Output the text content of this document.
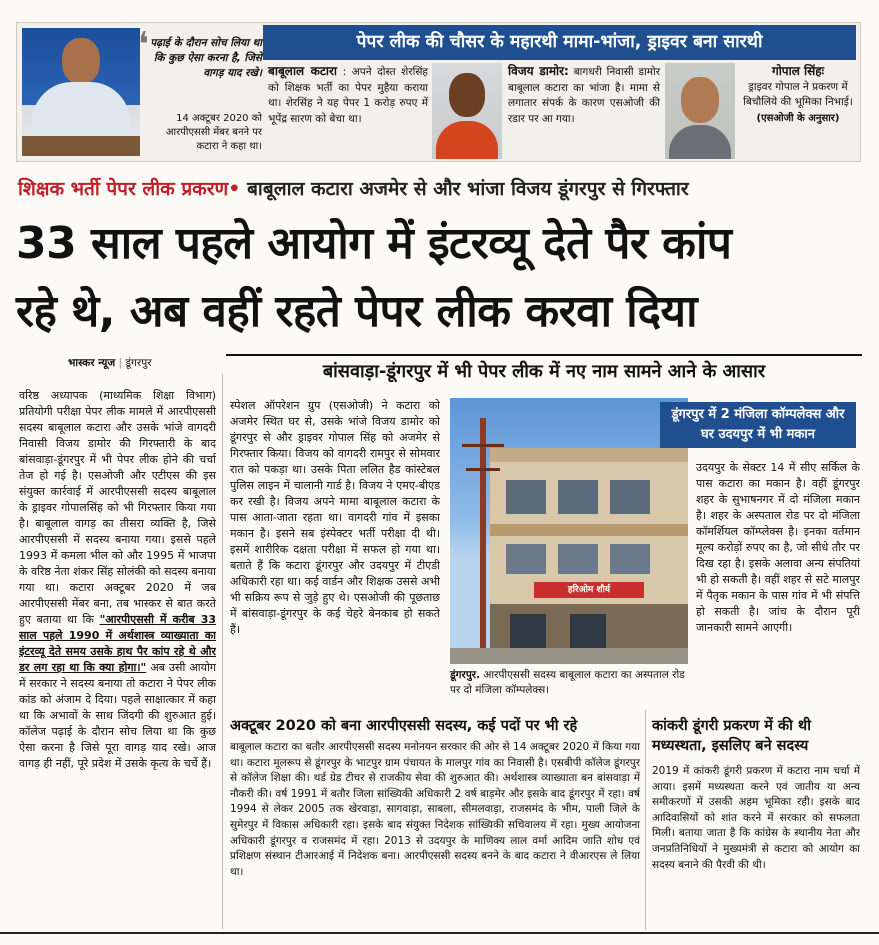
❛ पढ़ाई के दौरान सोच लिया था कि कुछ ऐसा करना है, जिसे वागड़ याद रखे।
14 अक्टूबर 2020 को आरपीएससी मेंबर बनने पर कटारा ने कहा था।
पेपर लीक की चौसर के महारथी मामा-भांजा, ड्राइवर बना सारथी
बाबूलाल कटारा : अपने दोस्त शेरसिंह को शिक्षक भर्ती का पेपर मुहैया कराया था। शेरसिंह ने यह पेपर 1 करोड़ रुपए में भूपेंद्र सारण को बेचा था।
विजय डामोर: बागधरी निवासी डामोर बाबूलाल कटारा का भांजा है। मामा से लगातार संपर्क के कारण एसओजी की रडार पर आ गया।
गोपाल सिंहः
ड्राइवर गोपाल ने प्रकरण में बिचौलिये की भूमिका निभाई।
(एसओजी के अनुसार)
शिक्षक भर्ती पेपर लीक प्रकरण• बाबूलाल कटारा अजमेर से और भांजा विजय डूंगरपुर से गिरफ्तार
33 साल पहले आयोग में इंटरव्यू देते पैर कांप
रहे थे, अब वहीं रहते पेपर लीक करवा दिया
भास्कर न्यूज | डूंगरपुर	बांसवाड़ा-डूंगरपुर में भी पेपर लीक में नए नाम सामने आने के आसार
वरिष्ठ अध्यापक (माध्यमिक शिक्षा विभाग) प्रतियोगी परीक्षा पेपर लीक मामले में आरपीएससी सदस्य बाबूलाल कटारा और उसके भांजे वागदरी निवासी विजय डामोर की गिरफ्तारी के बाद बांसवाड़ा-डूंगरपुर में भी पेपर लीक होने की चर्चा तेज हो गई है। एसओजी और एटीएस की इस संयुक्त कार्रवाई में आरपीएससी सदस्य बाबूलाल के ड्राइवर गोपालसिंह को भी गिरफ्तार किया गया है। बाबूलाल वागड़ का तीसरा व्यक्ति है, जिसे आरपीएससी में सदस्य बनाया गया। इससे पहले 1993 में कमला भील को और 1995 में भाजपा के वरिष्ठ नेता शंकर सिंह सोलंकी को सदस्य बनाया गया था। कटारा अक्टूबर 2020 में जब आरपीएससी मेंबर बना, तब भास्कर से बात करते हुए बताया था कि "आरपीएससी में करीब 33 साल पहले 1990 में अर्थशास्त्र व्याख्याता का इंटरव्यू देते समय उसके हाथ पैर कांप रहे थे और डर लग रहा था कि क्या होगा।" अब उसी आयोग में सरकार ने सदस्य बनाया तो कटारा ने पेपर लीक कांड को अंजाम दे दिया। पहले साक्षात्कार में कहा था कि अभावों के साथ जिंदगी की शुरुआत हुई। कॉलेज पढ़ाई के दौरान सोच लिया था कि कुछ ऐसा करना है जिसे पूरा वागड़ याद रखे। आज वागड़ ही नहीं, पूरे प्रदेश में उसके कृत्य के चर्चे हैं।
स्पेशल ऑपरेशन ग्रुप (एसओजी) ने कटारा को अजमेर स्थित घर से, उसके भांजे विजय डामोर को डूंगरपुर से और ड्राइवर गोपाल सिंह को अजमेर से गिरफ्तार किया। विजय को वागदरी रामपुर से सोमवार रात को पकड़ा था। उसके पिता ललित हैड कांस्टेबल पुलिस लाइन में चालानी गार्ड है। विजय ने एमए-बीएड कर रखी है। विजय अपने मामा बाबूलाल कटारा के पास आता-जाता रहता था। वागदरी गांव में इसका मकान है। इसने सब इंस्पेक्टर भर्ती परीक्षा दी थी। इसमें शारीरिक दक्षता परीक्षा में सफल हो गया था। बताते हैं कि कटारा डूंगरपुर और उदयपुर में टीएडी अधिकारी रहा था। कई वार्डन और शिक्षक उससे अभी भी सक्रिय रूप से जुड़े हुए थे। एसओजी की पूछताछ में बांसवाड़ा-डूंगरपुर के कई चेहरे बेनकाब हो सकते हैं।
हरिओम शौर्य
डूंगरपुर में 2 मंजिला कॉम्पलेक्स और घर उदयपुर में भी मकान
डूंगरपुर. आरपीएससी सदस्य बाबूलाल कटारा का अस्पताल रोड पर दो मंजिला कॉम्पलेक्स।
उदयपुर के सेक्टर 14 में सीए सर्किल के पास कटारा का मकान है। वहीं डूंगरपुर शहर के सुभाषनगर में दो मंजिला मकान है। शहर के अस्पताल रोड पर दो मंजिला कॉमर्शियल कॉम्प्लेक्स है। इनका वर्तमान मूल्य करोड़ों रुपए का है, जो सीधे तौर पर दिख रहा है। इसके अलावा अन्य संपतियां भी हो सकती है। वहीं शहर से सटे मालपुर में पैतृक मकान के पास गांव में भी संपत्ति हो सकती है। जांच के दौरान पूरी जानकारी सामने आएगी।
अक्टूबर 2020 को बना आरपीएससी सदस्य, कई पदों पर भी रहे
बाबूलाल कटारा का बतौर आरपीएससी सदस्य मनोनयन सरकार की ओर से 14 अक्टूबर 2020 में किया गया था। कटारा मूलरूप से डूंगरपुर के भाटपुर ग्राम पंचायत के मालपुर गांव का निवासी है। एसबीपी कॉलेज डूंगरपुर से कॉलेज शिक्षा की। थर्ड ग्रेड टीचर से राजकीय सेवा की शुरुआत की। अर्थशास्त्र व्याख्याता बन बांसवाड़ा में नौकरी की। वर्ष 1991 में बतौर जिला सांख्यिकी अधिकारी 2 वर्ष बाड़मेर और इसके बाद डूंगरपुर में रहा। वर्ष 1994 से लेकर 2005 तक खेरवाड़ा, सागवाड़ा, साबला, सीमलवाड़ा, राजसमंद के भीम, पाली जिले के सुमेरपुर में विकास अधिकारी रहा। इसके बाद संयुक्त निदेशक सांख्यिकी सचिवालय में रहा। मुख्य आयोजना अधिकारी डूंगरपुर व राजसमंद में रहा। 2013 से उदयपुर के माणिक्य लाल वर्मा आदिम जाति शोध एवं प्रशिक्षण संस्थान टीआरआई में निदेशक बना। आरपीएससी सदस्य बनने के बाद कटारा ने वीआरएस ले लिया था।
कांकरी डूंगरी प्रकरण में की थी मध्यस्थता, इसलिए बने सदस्य
2019 में कांकरी डूंगरी प्रकरण में कटारा नाम चर्चा में आया। इसमें मध्यस्थता करने एवं जातीय या अन्य समीकरणों में उसकी अहम भूमिका रही। इसके बाद आदिवासियों को शांत करने में सरकार को सफलता मिली। बताया जाता है कि कांग्रेस के स्थानीय नेता और जनप्रतिनिधियों ने मुख्यमंत्री से कटारा को आयोग का सदस्य बनाने की पैरवी की थी।
